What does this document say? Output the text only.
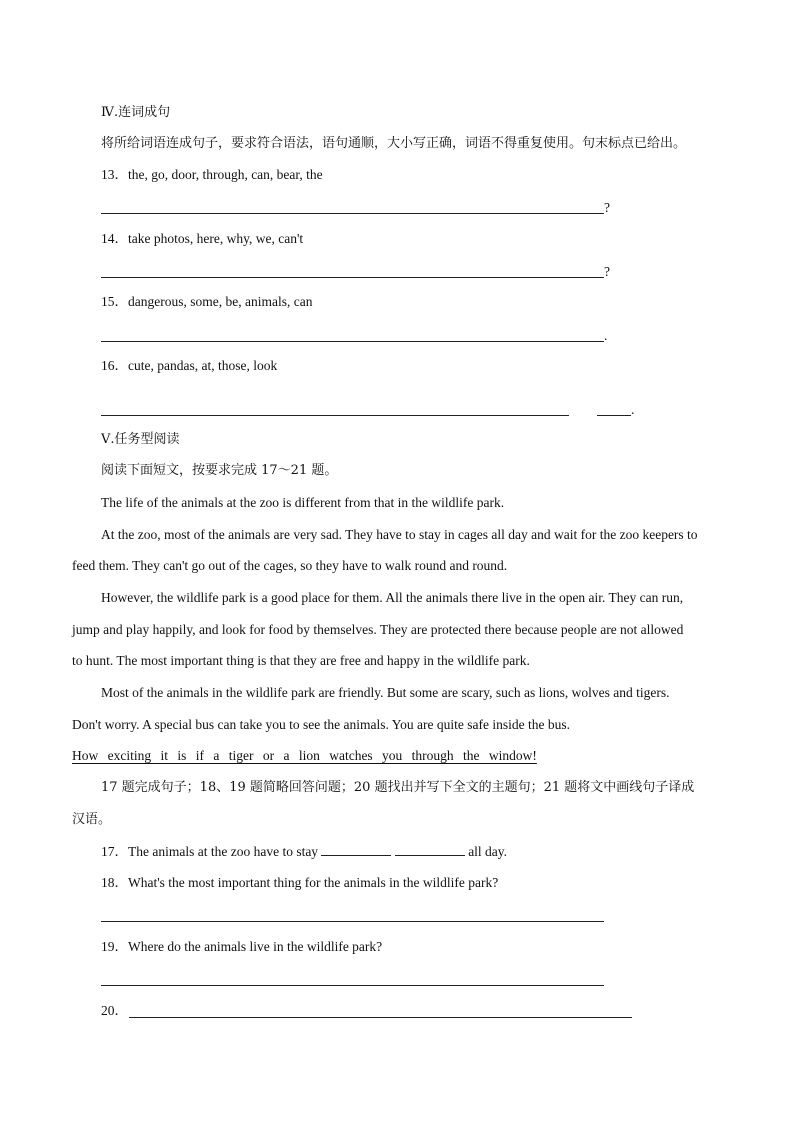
Ⅳ.连词成句
将所给词语连成句子，要求符合语法，语句通顺，大小写正确，词语不得重复使用。句末标点已给出。
13．the, go, door, through, can, bear, the
?
14．take photos, here, why, we, can't
?
15．dangerous, some, be, animals, can
.
16．cute, pandas, at, those, look
.
Ⅴ.任务型阅读
阅读下面短文，按要求完成 17～21 题。
The life of the animals at the zoo is different from that in the wildlife park.
At the zoo, most of the animals are very sad. They have to stay in cages all day and wait for the zoo keepers to
feed them. They can't go out of the cages, so they have to walk round and round.
However, the wildlife park is a good place for them. All the animals there live in the open air. They can run,
jump and play happily, and look for food by themselves. They are protected there because people are not allowed
to hunt. The most important thing is that they are free and happy in the wildlife park.
Most of the animals in the wildlife park are friendly. But some are scary, such as lions, wolves and tigers.
Don't worry. A special bus can take you to see the animals. You are quite safe inside the bus.
How exciting it is if a tiger or a lion watches you through the window!
17 题完成句子；18、19 题简略回答问题；20 题找出并写下全文的主题句；21 题将文中画线句子译成
汉语。
17．The animals at the zoo have to stay	all day.
18．What's the most important thing for the animals in the wildlife park?
19．Where do the animals live in the wildlife park?
20．
